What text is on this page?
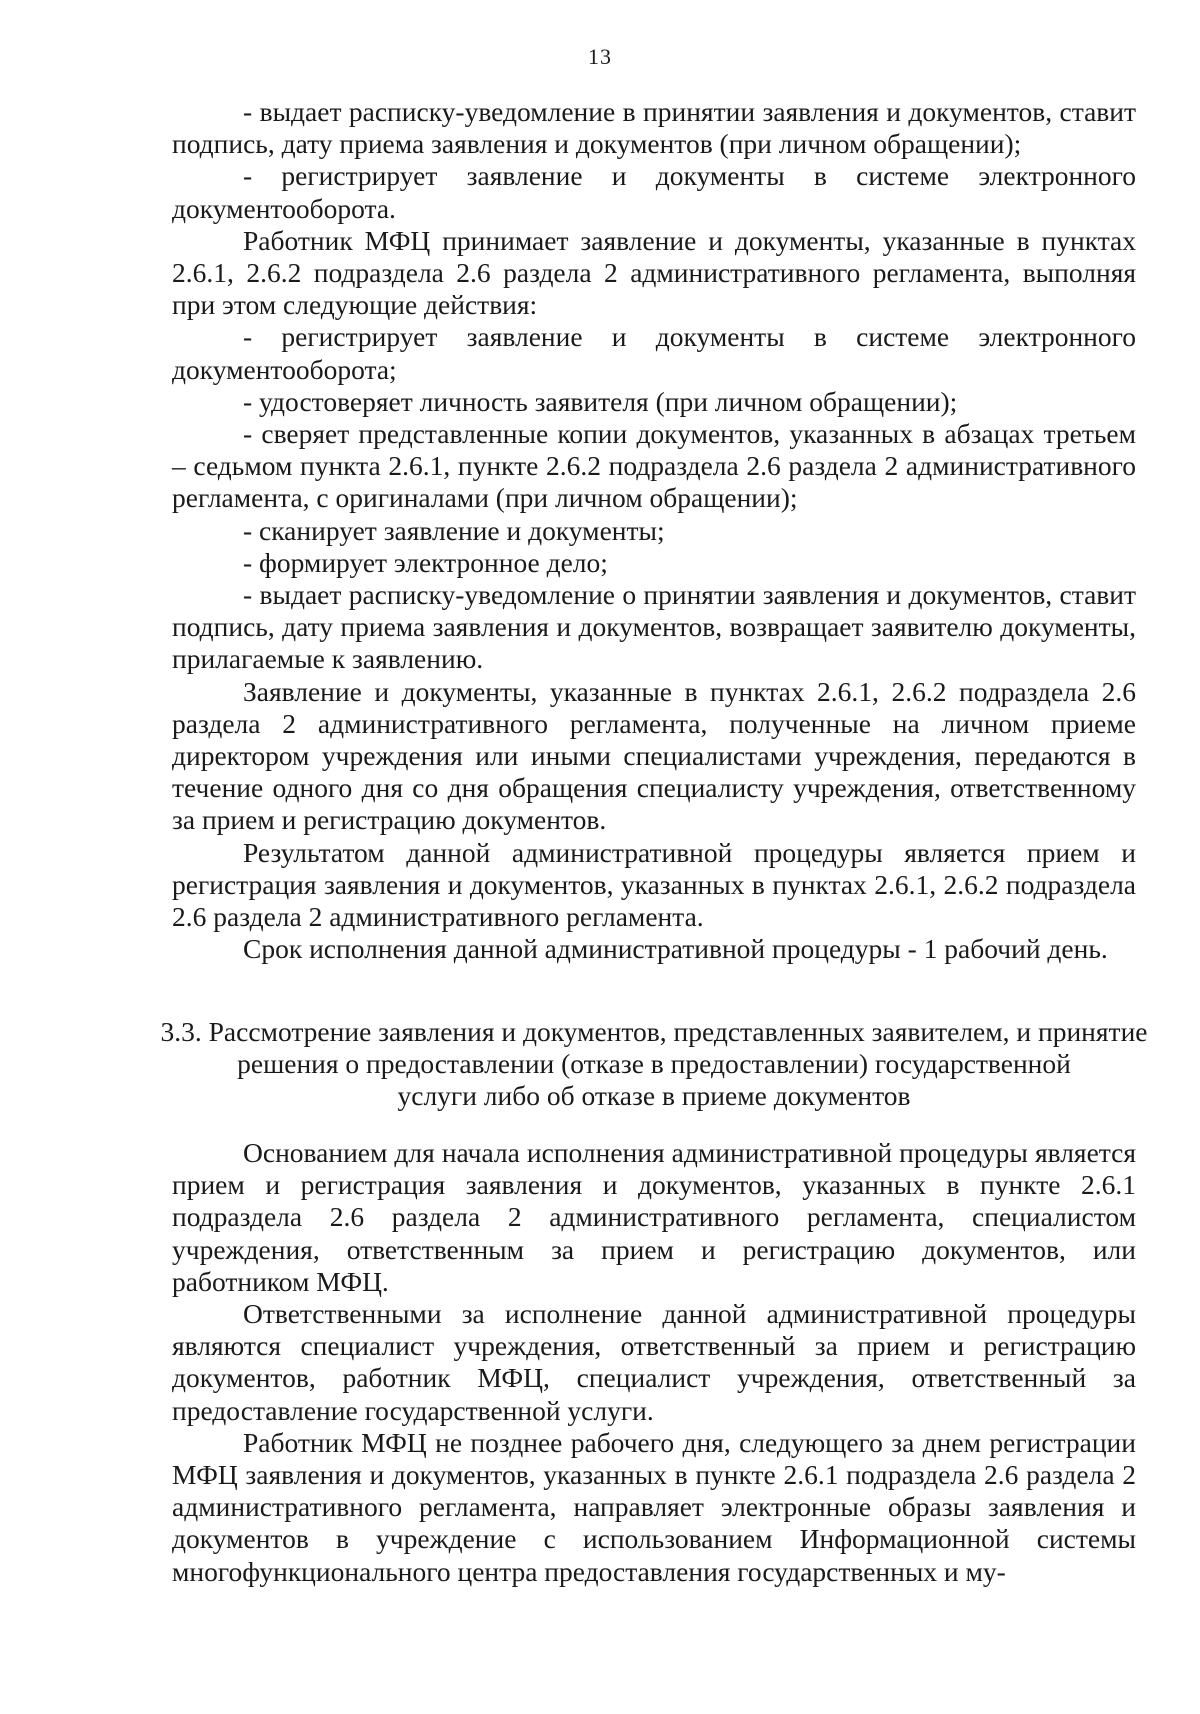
13

- выдает расписку-уведомление в принятии заявления и документов, ставит подпись, дату приема заявления и документов (при личном обращении);

- регистрирует заявление и документы в системе электронного документооборота.

Работник МФЦ принимает заявление и документы, указанные в пунктах 2.6.1, 2.6.2 подраздела 2.6 раздела 2 административного регламента, выполняя при этом следующие действия:

- регистрирует заявление и документы в системе электронного документооборота;

- удостоверяет личность заявителя (при личном обращении);

- сверяет представленные копии документов, указанных в абзацах третьем – седьмом пункта 2.6.1, пункте 2.6.2 подраздела 2.6 раздела 2 административного регламента, с оригиналами (при личном обращении);

- сканирует заявление и документы;

- формирует электронное дело;

- выдает расписку-уведомление о принятии заявления и документов, ставит подпись, дату приема заявления и документов, возвращает заявителю документы, прилагаемые к заявлению.

Заявление и документы, указанные в пунктах 2.6.1, 2.6.2 подраздела 2.6 раздела 2 административного регламента, полученные на личном приеме директором учреждения или иными специалистами учреждения, передаются в течение одного дня со дня обращения специалисту учреждения, ответственному за прием и регистрацию документов.

Результатом данной административной процедуры является прием и регистрация заявления и документов, указанных в пунктах 2.6.1, 2.6.2 подраздела 2.6 раздела 2 административного регламента.

Срок исполнения данной административной процедуры - 1 рабочий день.

3.3. Рассмотрение заявления и документов, представленных заявителем, и принятие решения о предоставлении (отказе в предоставлении) государственной
услуги либо об отказе в приеме документов

Основанием для начала исполнения административной процедуры является прием и регистрация заявления и документов, указанных в пункте 2.6.1 подраздела 2.6 раздела 2 административного регламента, специалистом учреждения, ответственным за прием и регистрацию документов, или работником МФЦ.

Ответственными за исполнение данной административной процедуры являются специалист учреждения, ответственный за прием и регистрацию документов, работник МФЦ, специалист учреждения, ответственный за предоставление государственной услуги.

Работник МФЦ не позднее рабочего дня, следующего за днем регистрации МФЦ заявления и документов, указанных в пункте 2.6.1 подраздела 2.6 раздела 2 административного регламента, направляет электронные образы заявления и документов в учреждение с использованием Информационной системы многофункционального центра предоставления государственных и му-
